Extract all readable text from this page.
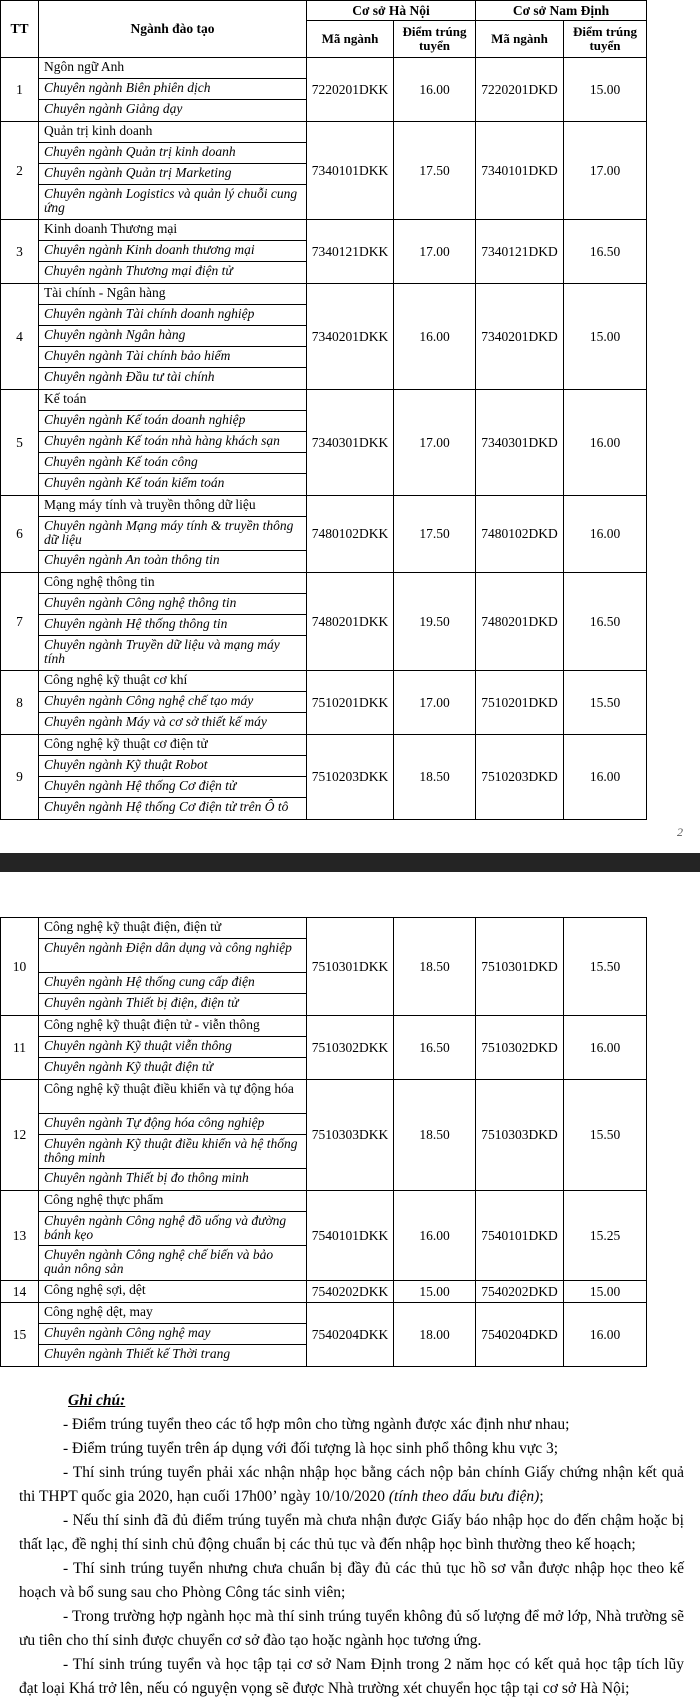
TT	Ngành đào tạo	Cơ sở Hà Nội		Cơ sở Nam Định	
		Mã ngành	Điểm trúng tuyển	Mã ngành	Điểm trúng tuyển
1	Ngôn ngữ Anh
Chuyên ngành Biên phiên dịch
Chuyên ngành Giảng dạy	7220201DKK	16.00	7220201DKD	15.00
2	Quản trị kinh doanh
Chuyên ngành Quản trị kinh doanh
Chuyên ngành Quản trị Marketing
Chuyên ngành Logistics và quản lý chuỗi cung ứng	7340101DKK	17.50	7340101DKD	17.00
3	Kinh doanh Thương mại
Chuyên ngành Kinh doanh thương mại
Chuyên ngành Thương mại điện tử	7340121DKK	17.00	7340121DKD	16.50
4	Tài chính - Ngân hàng
Chuyên ngành Tài chính doanh nghiệp
Chuyên ngành Ngân hàng
Chuyên ngành Tài chính bảo hiểm
Chuyên ngành Đầu tư tài chính	7340201DKK	16.00	7340201DKD	15.00
5	Kế toán
Chuyên ngành Kế toán doanh nghiệp
Chuyên ngành Kế toán nhà hàng khách sạn
Chuyên ngành Kế toán công
Chuyên ngành Kế toán kiểm toán	7340301DKK	17.00	7340301DKD	16.00
6	Mạng máy tính và truyền thông dữ liệu
Chuyên ngành Mạng máy tính & truyền thông dữ liệu
Chuyên ngành An toàn thông tin	7480102DKK	17.50	7480102DKD	16.00
7	Công nghệ thông tin
Chuyên ngành Công nghệ thông tin
Chuyên ngành Hệ thống thông tin
Chuyên ngành Truyền dữ liệu và mạng máy tính	7480201DKK	19.50	7480201DKD	16.50
8	Công nghệ kỹ thuật cơ khí
Chuyên ngành Công nghệ chế tạo máy
Chuyên ngành Máy và cơ sở thiết kế máy	7510201DKK	17.00	7510201DKD	15.50
9	Công nghệ kỹ thuật cơ điện tử
Chuyên ngành Kỹ thuật Robot
Chuyên ngành Hệ thống Cơ điện tử
Chuyên ngành Hệ thống Cơ điện tử trên Ô tô	7510203DKK	18.50	7510203DKD	16.00
2
10	Công nghệ kỹ thuật điện, điện tử
Chuyên ngành Điện dân dụng và công nghiệp
Chuyên ngành Hệ thống cung cấp điện
Chuyên ngành Thiết bị điện, điện tử	7510301DKK	18.50	7510301DKD	15.50
11	Công nghệ kỹ thuật điện tử - viễn thông
Chuyên ngành Kỹ thuật viễn thông
Chuyên ngành Kỹ thuật điện tử	7510302DKK	16.50	7510302DKD	16.00
12	Công nghệ kỹ thuật điều khiển và tự động hóa
Chuyên ngành Tự động hóa công nghiệp
Chuyên ngành Kỹ thuật điều khiển và hệ thống thông minh
Chuyên ngành Thiết bị đo thông minh	7510303DKK	18.50	7510303DKD	15.50
13	Công nghệ thực phẩm
Chuyên ngành Công nghệ đồ uống và đường bánh kẹo
Chuyên ngành Công nghệ chế biến và bảo quản nông sản	7540101DKK	16.00	7540101DKD	15.25
14	Công nghệ sợi, dệt	7540202DKK	15.00	7540202DKD	15.00
15	Công nghệ dệt, may
Chuyên ngành Công nghệ may
Chuyên ngành Thiết kế Thời trang	7540204DKK	18.00	7540204DKD	16.00
Ghi chú:
- Điểm trúng tuyển theo các tổ hợp môn cho từng ngành được xác định như nhau;
- Điểm trúng tuyển trên áp dụng với đối tượng là học sinh phổ thông khu vực 3;
- Thí sinh trúng tuyển phải xác nhận nhập học bằng cách nộp bản chính Giấy chứng nhận kết quả thi THPT quốc gia 2020, hạn cuối 17h00’ ngày 10/10/2020 (tính theo dấu bưu điện);
- Nếu thí sinh đã đủ điểm trúng tuyển mà chưa nhận được Giấy báo nhập học do đến chậm hoặc bị thất lạc, đề nghị thí sinh chủ động chuẩn bị các thủ tục và đến nhập học bình thường theo kế hoạch;
- Thí sinh trúng tuyển nhưng chưa chuẩn bị đầy đủ các thủ tục hồ sơ vẫn được nhập học theo kế hoạch và bổ sung sau cho Phòng Công tác sinh viên;
- Trong trường hợp ngành học mà thí sinh trúng tuyển không đủ số lượng để mở lớp, Nhà trường sẽ ưu tiên cho thí sinh được chuyển cơ sở đào tạo hoặc ngành học tương ứng.
- Thí sinh trúng tuyển và học tập tại cơ sở Nam Định trong 2 năm học có kết quả học tập tích lũy đạt loại Khá trở lên, nếu có nguyện vọng sẽ được Nhà trường xét chuyển học tập tại cơ sở Hà Nội;
